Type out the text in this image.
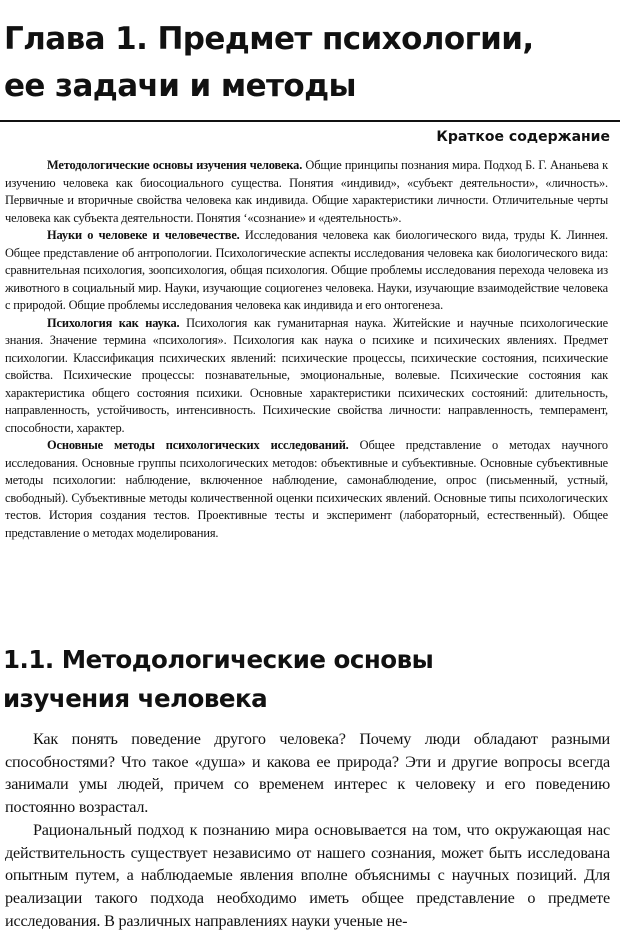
Глава 1. Предмет психологии,
ее задачи и методы
Краткое содержание

Методологические основы изучения человека. Общие принципы познания мира. Подход Б. Г. Ананьева к изучению человека как биосоциального существа. Понятия «индивид», «субъект деятельности», «личность». Первичные и вторичные свойства человека как индивида. Общие характеристики личности. Отличительные черты человека как субъекта деятельности. Понятия ‘«сознание» и «деятельность».

Науки о человеке и человечестве. Исследования человека как биологического вида, труды К. Линнея. Общее представление об антропологии. Психологические аспекты исследования человека как биологического вида: сравнительная психология, зоопсихология, общая психология. Общие проблемы исследования перехода человека из животного в социальный мир. Науки, изучающие социогенез человека. Науки, изучающие взаимодействие человека с природой. Общие проблемы исследования человека как индивида и его онтогенеза.

Психология как наука. Психология как гуманитарная наука. Житейские и научные психологические знания. Значение термина «психология». Психология как наука о психике и психических явлениях. Предмет психологии. Классификация психических явлений: психические процессы, психические состояния, психические свойства. Психические процессы: познавательные, эмоциональные, волевые. Психические состояния как характеристика общего состояния психики. Основные характеристики психических состояний: длительность, направленность, устойчивость, интенсивность. Психические свойства личности: направленность, темперамент, способности, характер.

Основные методы психологических исследований. Общее представление о методах научного исследования. Основные группы психологических методов: объективные и субъективные. Основные субъективные методы психологии: наблюдение, включенное наблюдение, самонаблюдение, опрос (письменный, устный, свободный). Субъективные методы количественной оценки психических явлений. Основные типы психологических тестов. История создания тестов. Проективные тесты и эксперимент (лабораторный, естественный). Общее представление о методах моделирования.

1.1. Методологические основы
изучения человека

Как понять поведение другого человека? Почему люди обладают разными способностями? Что такое «душа» и какова ее природа? Эти и другие вопросы всегда занимали умы людей, причем со временем интерес к человеку и его поведению постоянно возрастал.

Рациональный подход к познанию мира основывается на том, что окружающая нас действительность существует независимо от нашего сознания, может быть исследована опытным путем, а наблюдаемые явления вполне объяснимы с научных позиций. Для реализации такого подхода необходимо иметь общее представление о предмете исследования. В различных направлениях науки ученые не-
